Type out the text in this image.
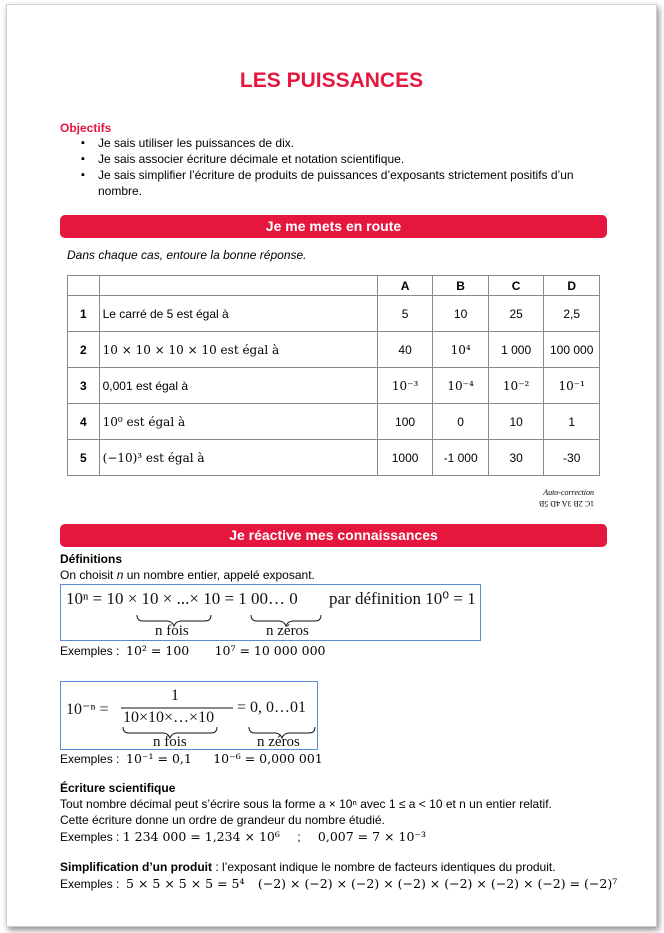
LES PUISSANCES
Objectifs
▪ Je sais utiliser les puissances de dix.
▪ Je sais associer écriture décimale et notation scientifique.
▪ Je sais simplifier l’écriture de produits de puissances d’exposants strictement positifs d’un nombre.
Je me mets en route
Dans chaque cas, entoure la bonne réponse.
		A	B	C	D
1	Le carré de 5 est égal à	5	10	25	2,5
2	10 × 10 × 10 × 10 est égal à	40	10⁴	1 000	100 000
3	0,001 est égal à	10⁻³	10⁻⁴	10⁻²	10⁻¹
4	10⁰ est égal à	100	0	10	1
5	(−10)³ est égal à	1000	-1 000	30	-30
Auto-correction
1C 2B 3A 4D 5B
Je réactive mes connaissances
Définitions
On choisit n un nombre entier, appelé exposant.
10ⁿ = 10 × 10 × ...× 10 = 1 00… 0 par définition 10⁰ = 1
n fois	n zéros
Exemples : 10² = 100 10⁷ = 10 000 000
10⁻ⁿ =
1
10×10×…×10
= 0, 0…01
n fois	n zéros
Exemples : 10⁻¹ = 0,1 10⁻⁶ = 0,000 001
Écriture scientifique
Tout nombre décimal peut s’écrire sous la forme a × 10ⁿ avec 1 ≤ a < 10 et n un entier relatif.
Cette écriture donne un ordre de grandeur du nombre étudié.
Exemples : 1 234 000 = 1,234 × 10⁶ ; 0,007 = 7 × 10⁻³
Simplification d’un produit : l’exposant indique le nombre de facteurs identiques du produit.
Exemples : 5 × 5 × 5 × 5 = 5⁴ (−2) × (−2) × (−2) × (−2) × (−2) × (−2) × (−2) = (−2)⁷
